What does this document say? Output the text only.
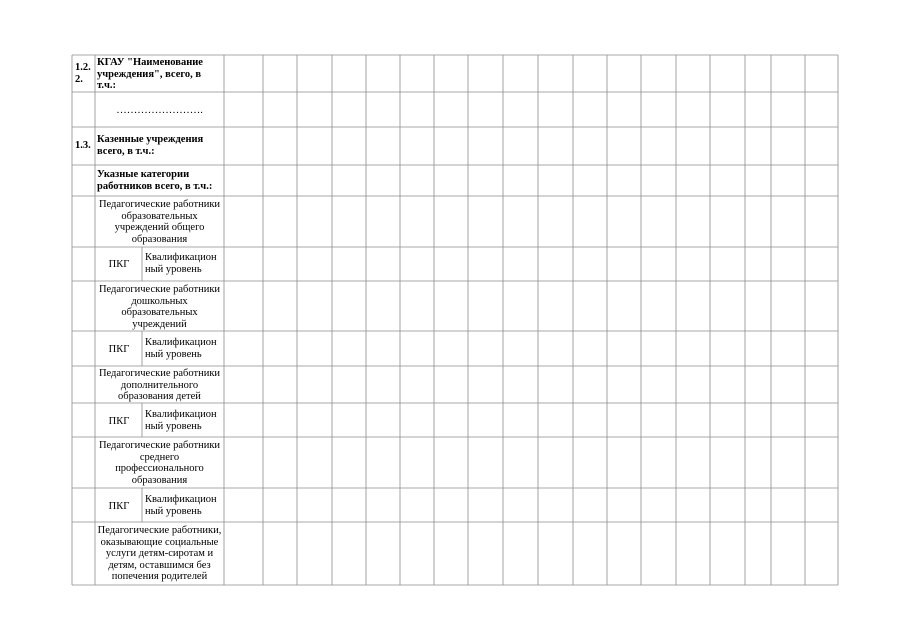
1.2.
2.
КГАУ "Наименование учреждения", всего, в т.ч.:
…………………….
1.3.
Казенные учреждения всего, в т.ч.:
Указные категории работников всего, в т.ч.:
Педагогические работники образовательных учреждений общего образования
ПКГ
Квалификацион ный уровень
Педагогические работники дошкольных образовательных учреждений
ПКГ
Квалификацион ный уровень
Педагогические работники дополнительного образования детей
ПКГ
Квалификацион ный уровень
Педагогические работники среднего профессионального образования
ПКГ
Квалификацион ный уровень
Педагогические работники, оказывающие социальные услуги детям-сиротам и детям, оставшимся без попечения родителей
